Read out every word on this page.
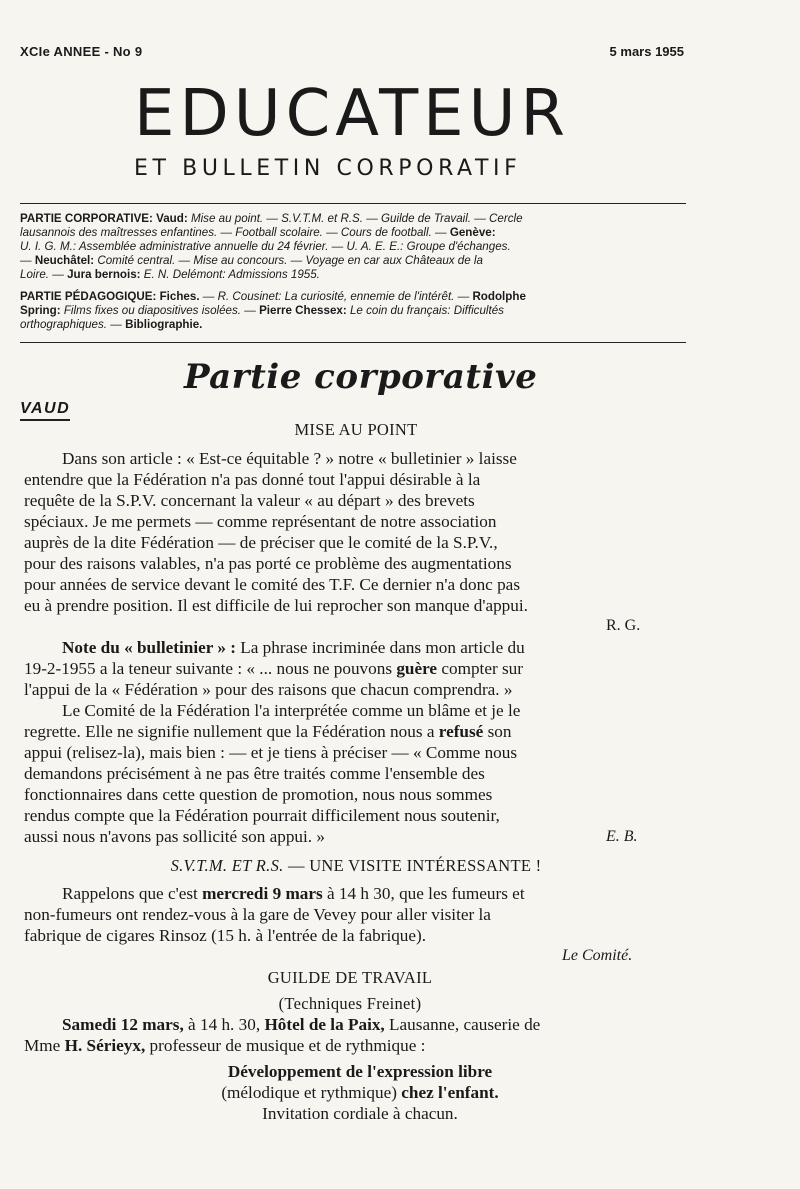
XCIe ANNEE - No 9	5 mars 1955
EDUCATEUR
ET BULLETIN CORPORATIF
PARTIE CORPORATIVE: Vaud: Mise au point. — S.V.T.M. et R.S. — Guilde de Travail. — Cercle
lausannois des maîtresses enfantines. — Football scolaire. — Cours de football. — Genève:
U. I. G. M.: Assemblée administrative annuelle du 24 février. — U. A. E. E.: Groupe d'échanges.
— Neuchâtel: Comité central. — Mise au concours. — Voyage en car aux Châteaux de la
Loire. — Jura bernois: E. N. Delémont: Admissions 1955.
PARTIE PÉDAGOGIQUE: Fiches. — R. Cousinet: La curiosité, ennemie de l'intérêt. — Rodolphe
Spring: Films fixes ou diapositives isolées. — Pierre Chessex: Le coin du français: Difficultés
orthographiques. — Bibliographie.
Partie corporative
VAUD
MISE AU POINT
Dans son article : « Est-ce équitable ? » notre « bulletinier » laisse
entendre que la Fédération n'a pas donné tout l'appui désirable à la
requête de la S.P.V. concernant la valeur « au départ » des brevets
spéciaux. Je me permets — comme représentant de notre association
auprès de la dite Fédération — de préciser que le comité de la S.P.V.,
pour des raisons valables, n'a pas porté ce problème des augmentations
pour années de service devant le comité des T.F. Ce dernier n'a donc pas
eu à prendre position. Il est difficile de lui reprocher son manque d'appui.
R. G.
Note du « bulletinier » : La phrase incriminée dans mon article du
19-2-1955 a la teneur suivante : « ... nous ne pouvons guère compter sur
l'appui de la « Fédération » pour des raisons que chacun comprendra. »
Le Comité de la Fédération l'a interprétée comme un blâme et je le
regrette. Elle ne signifie nullement que la Fédération nous a refusé son
appui (relisez-la), mais bien : — et je tiens à préciser — « Comme nous
demandons précisément à ne pas être traités comme l'ensemble des
fonctionnaires dans cette question de promotion, nous nous sommes
rendus compte que la Fédération pourrait difficilement nous soutenir,
aussi nous n'avons pas sollicité son appui. »	E. B.
S.V.T.M. ET R.S. — UNE VISITE INTÉRESSANTE !
Rappelons que c'est mercredi 9 mars à 14 h 30, que les fumeurs et
non-fumeurs ont rendez-vous à la gare de Vevey pour aller visiter la
fabrique de cigares Rinsoz (15 h. à l'entrée de la fabrique).
Le Comité.
GUILDE DE TRAVAIL
(Techniques Freinet)
Samedi 12 mars, à 14 h. 30, Hôtel de la Paix, Lausanne, causerie de
Mme H. Sérieyx, professeur de musique et de rythmique :
Développement de l'expression libre
(mélodique et rythmique) chez l'enfant.
Invitation cordiale à chacun.
